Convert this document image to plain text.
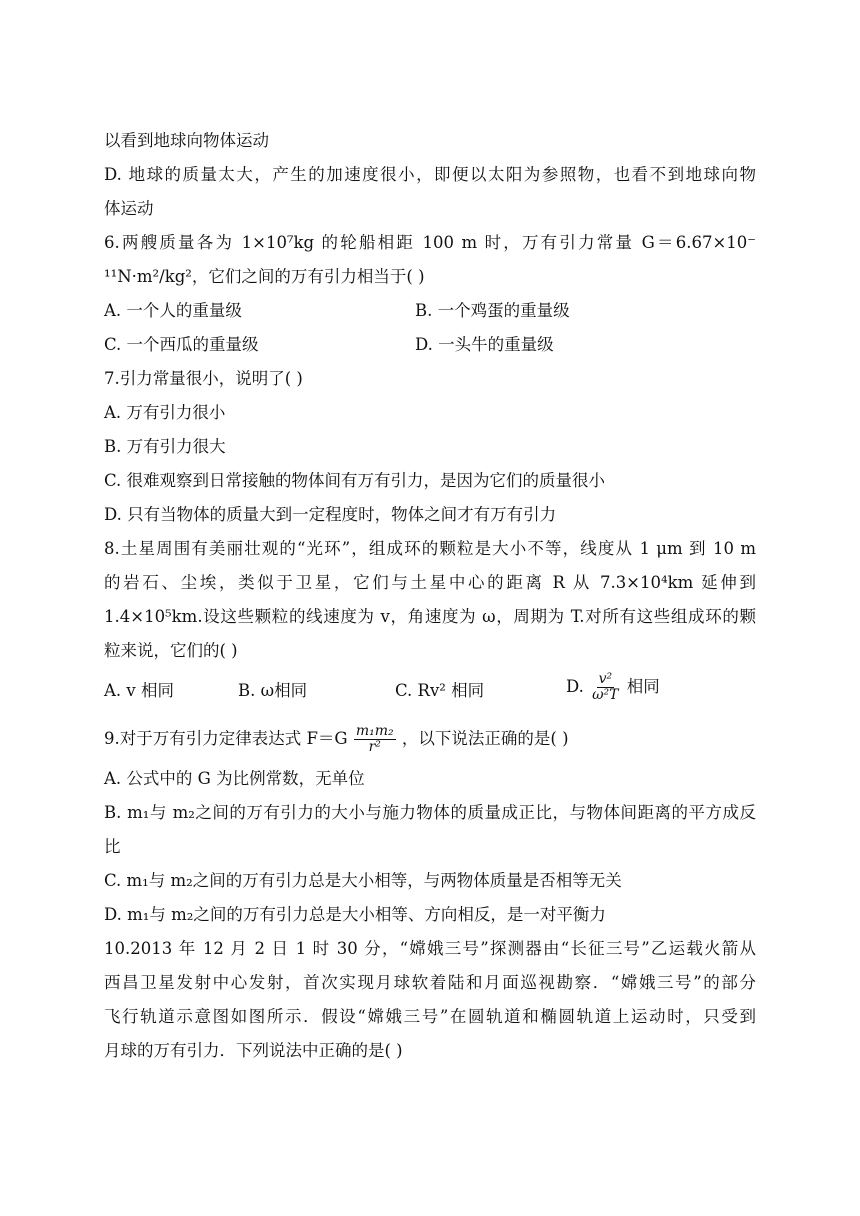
以看到地球向物体运动
D. 地球的质量太大，产生的加速度很小，即便以太阳为参照物，也看不到地球向物
体运动
6.两艘质量各为 1×10⁷kg 的轮船相距 100 m 时，万有引力常量 G＝6.67×10⁻
¹¹N·m²/kg²，它们之间的万有引力相当于( )
A. 一个人的重量级	B. 一个鸡蛋的重量级
C. 一个西瓜的重量级	D. 一头牛的重量级
7.引力常量很小，说明了( )
A. 万有引力很小
B. 万有引力很大
C. 很难观察到日常接触的物体间有万有引力，是因为它们的质量很小
D. 只有当物体的质量大到一定程度时，物体之间才有万有引力
8.土星周围有美丽壮观的“光环”，组成环的颗粒是大小不等，线度从 1 μm 到 10 m
的岩石、尘埃，类似于卫星，它们与土星中心的距离 R 从 7.3×10⁴km 延伸到
1.4×10⁵km.设这些颗粒的线速度为 v，角速度为 ω，周期为 T.对所有这些组成环的颗
粒来说，它们的( )
A. v 相同	B. ω相同	C. Rv² 相同	D. $\frac{\text{v²}}{\text{ω²T}}$ 相同
9.对于万有引力定律表达式 $F=G \frac{\text{m₁m₂}}{\text{r²}}$ ，以下说法正确的是( )
A. 公式中的 G 为比例常数，无单位
B. m₁与 m₂之间的万有引力的大小与施力物体的质量成正比，与物体间距离的平方成反
比
C. m₁与 m₂之间的万有引力总是大小相等，与两物体质量是否相等无关
D. m₁与 m₂之间的万有引力总是大小相等、方向相反，是一对平衡力
10.2013 年 12 月 2 日 1 时 30 分，“嫦娥三号”探测器由“长征三号”乙运载火箭从
西昌卫星发射中心发射，首次实现月球软着陆和月面巡视勘察．“嫦娥三号”的部分
飞行轨道示意图如图所示．假设“嫦娥三号”在圆轨道和椭圆轨道上运动时，只受到
月球的万有引力．下列说法中正确的是( )
